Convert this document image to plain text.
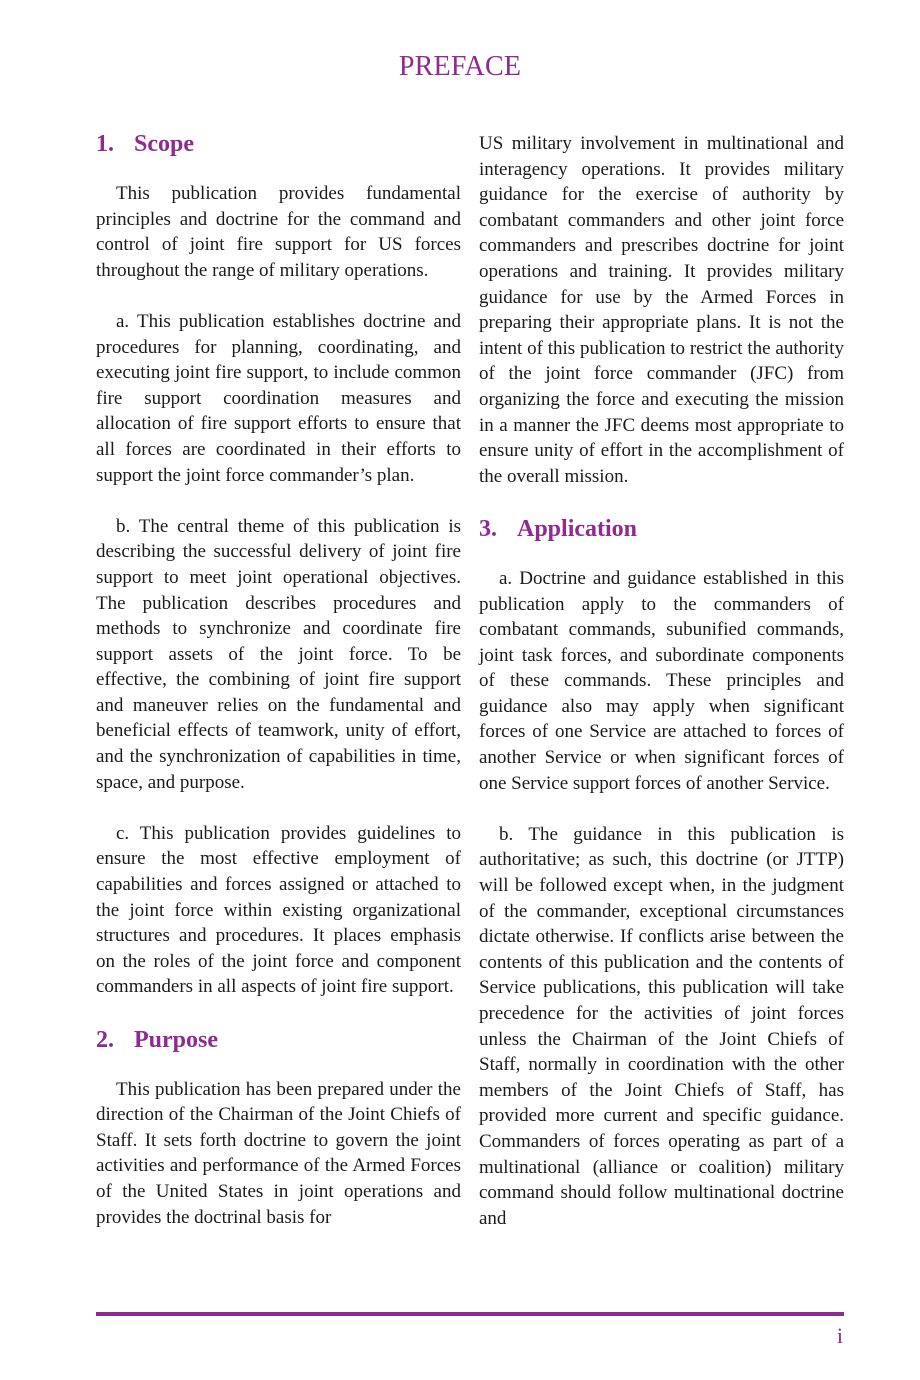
PREFACE
1. Scope

This publication provides fundamental principles and doctrine for the command and control of joint fire support for US forces throughout the range of military operations.

a. This publication establishes doctrine and procedures for planning, coordinating, and executing joint fire support, to include common fire support coordination measures and allocation of fire support efforts to ensure that all forces are coordinated in their efforts to support the joint force commander’s plan.

b. The central theme of this publication is describing the successful delivery of joint fire support to meet joint operational objectives. The publication describes procedures and methods to synchronize and coordinate fire support assets of the joint force. To be effective, the combining of joint fire support and maneuver relies on the fundamental and beneficial effects of teamwork, unity of effort, and the synchronization of capabilities in time, space, and purpose.

c. This publication provides guidelines to ensure the most effective employment of capabilities and forces assigned or attached to the joint force within existing organizational structures and procedures. It places emphasis on the roles of the joint force and component commanders in all aspects of joint fire support.

2. Purpose

This publication has been prepared under the direction of the Chairman of the Joint Chiefs of Staff. It sets forth doctrine to govern the joint activities and performance of the Armed Forces of the United States in joint operations and provides the doctrinal basis for

US military involvement in multinational and interagency operations. It provides military guidance for the exercise of authority by combatant commanders and other joint force commanders and prescribes doctrine for joint operations and training. It provides military guidance for use by the Armed Forces in preparing their appropriate plans. It is not the intent of this publication to restrict the authority of the joint force commander (JFC) from organizing the force and executing the mission in a manner the JFC deems most appropriate to ensure unity of effort in the accomplishment of the overall mission.

3. Application

a. Doctrine and guidance established in this publication apply to the commanders of combatant commands, subunified commands, joint task forces, and subordinate components of these commands. These principles and guidance also may apply when significant forces of one Service are attached to forces of another Service or when significant forces of one Service support forces of another Service.

b. The guidance in this publication is authoritative; as such, this doctrine (or JTTP) will be followed except when, in the judgment of the commander, exceptional circumstances dictate otherwise. If conflicts arise between the contents of this publication and the contents of Service publications, this publication will take precedence for the activities of joint forces unless the Chairman of the Joint Chiefs of Staff, normally in coordination with the other members of the Joint Chiefs of Staff, has provided more current and specific guidance. Commanders of forces operating as part of a multinational (alliance or coalition) military command should follow multinational doctrine and

i
